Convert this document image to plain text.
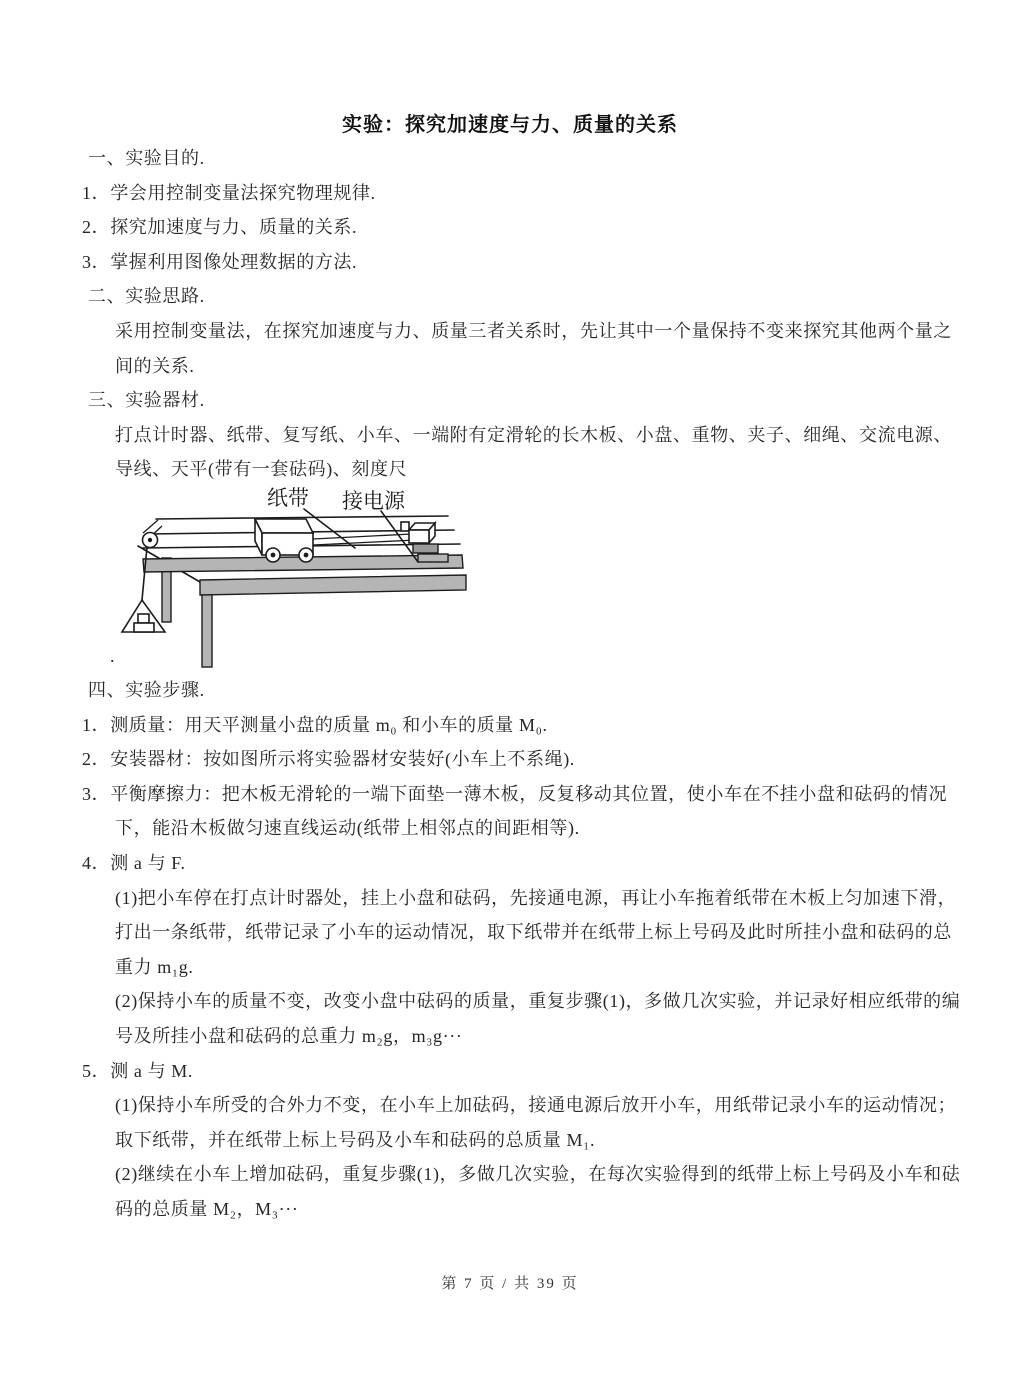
实验：探究加速度与力、质量的关系
一、实验目的.
1．学会用控制变量法探究物理规律.
2．探究加速度与力、质量的关系.
3．掌握利用图像处理数据的方法.
二、实验思路.
采用控制变量法，在探究加速度与力、质量三者关系时，先让其中一个量保持不变来探究其他两个量之
间的关系.
三、实验器材.
打点计时器、纸带、复写纸、小车、一端附有定滑轮的长木板、小盘、重物、夹子、细绳、交流电源、
导线、天平(带有一套砝码)、刻度尺
纸带 接电源
.
四、实验步骤.
1．测质量：用天平测量小盘的质量 m₀ 和小车的质量 M₀.
2．安装器材：按如图所示将实验器材安装好(小车上不系绳).
3．平衡摩擦力：把木板无滑轮的一端下面垫一薄木板，反复移动其位置，使小车在不挂小盘和砝码的情况
下，能沿木板做匀速直线运动(纸带上相邻点的间距相等).
4．测 a 与 F.
(1)把小车停在打点计时器处，挂上小盘和砝码，先接通电源，再让小车拖着纸带在木板上匀加速下滑，
打出一条纸带，纸带记录了小车的运动情况，取下纸带并在纸带上标上号码及此时所挂小盘和砝码的总
重力 m₁g.
(2)保持小车的质量不变，改变小盘中砝码的质量，重复步骤(1)，多做几次实验，并记录好相应纸带的编
号及所挂小盘和砝码的总重力 m₂g，m₃g···
5．测 a 与 M.
(1)保持小车所受的合外力不变，在小车上加砝码，接通电源后放开小车，用纸带记录小车的运动情况；
取下纸带，并在纸带上标上号码及小车和砝码的总质量 M₁.
(2)继续在小车上增加砝码，重复步骤(1)，多做几次实验，在每次实验得到的纸带上标上号码及小车和砝
码的总质量 M₂，M₃···
第 7 页 / 共 39 页
